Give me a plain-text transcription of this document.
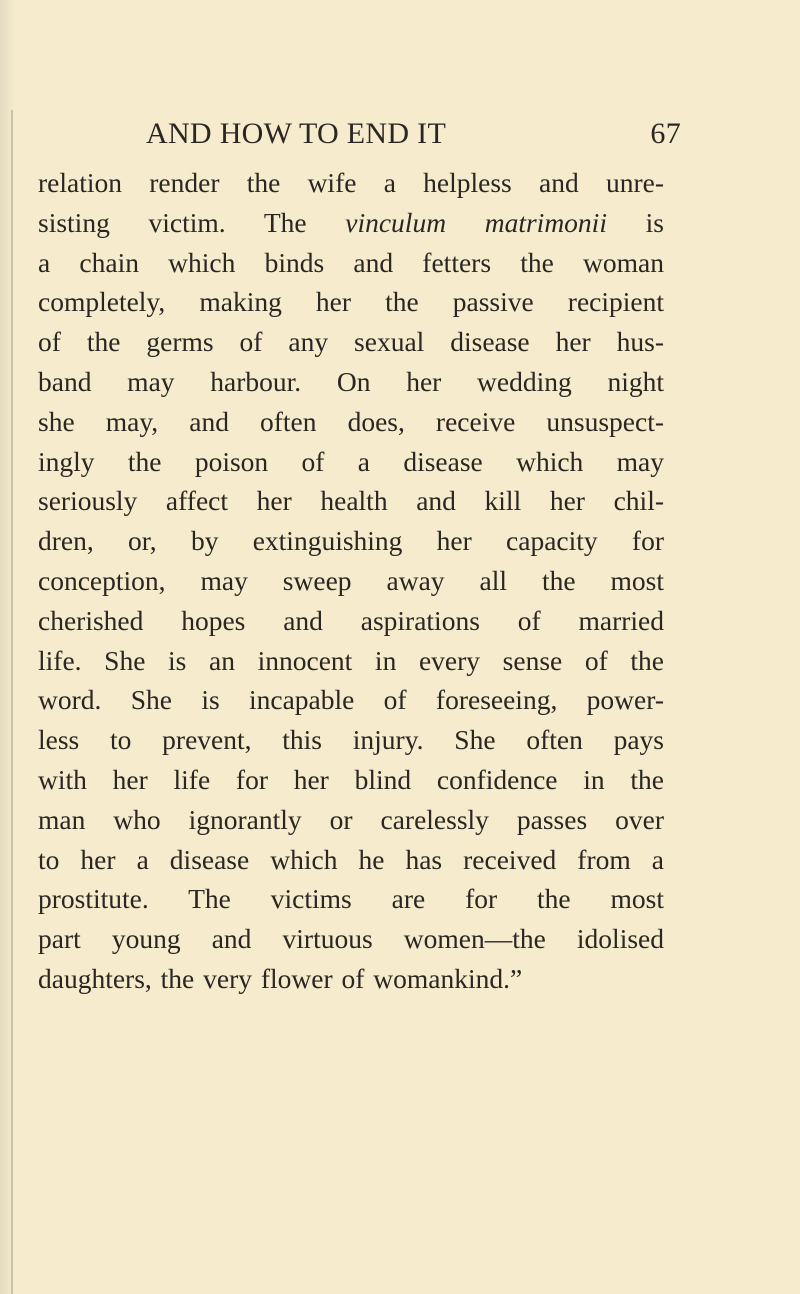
AND HOW TO END IT	67
relation render the wife a helpless and unre-
sisting victim. The vinculum matrimonii is
a chain which binds and fetters the woman
completely, making her the passive recipient
of the germs of any sexual disease her hus-
band may harbour. On her wedding night
she may, and often does, receive unsuspect-
ingly the poison of a disease which may
seriously affect her health and kill her chil-
dren, or, by extinguishing her capacity for
conception, may sweep away all the most
cherished hopes and aspirations of married
life. She is an innocent in every sense of the
word. She is incapable of foreseeing, power-
less to prevent, this injury. She often pays
with her life for her blind confidence in the
man who ignorantly or carelessly passes over
to her a disease which he has received from a
prostitute. The victims are for the most
part young and virtuous women—the idolised
daughters, the very flower of womankind.”
